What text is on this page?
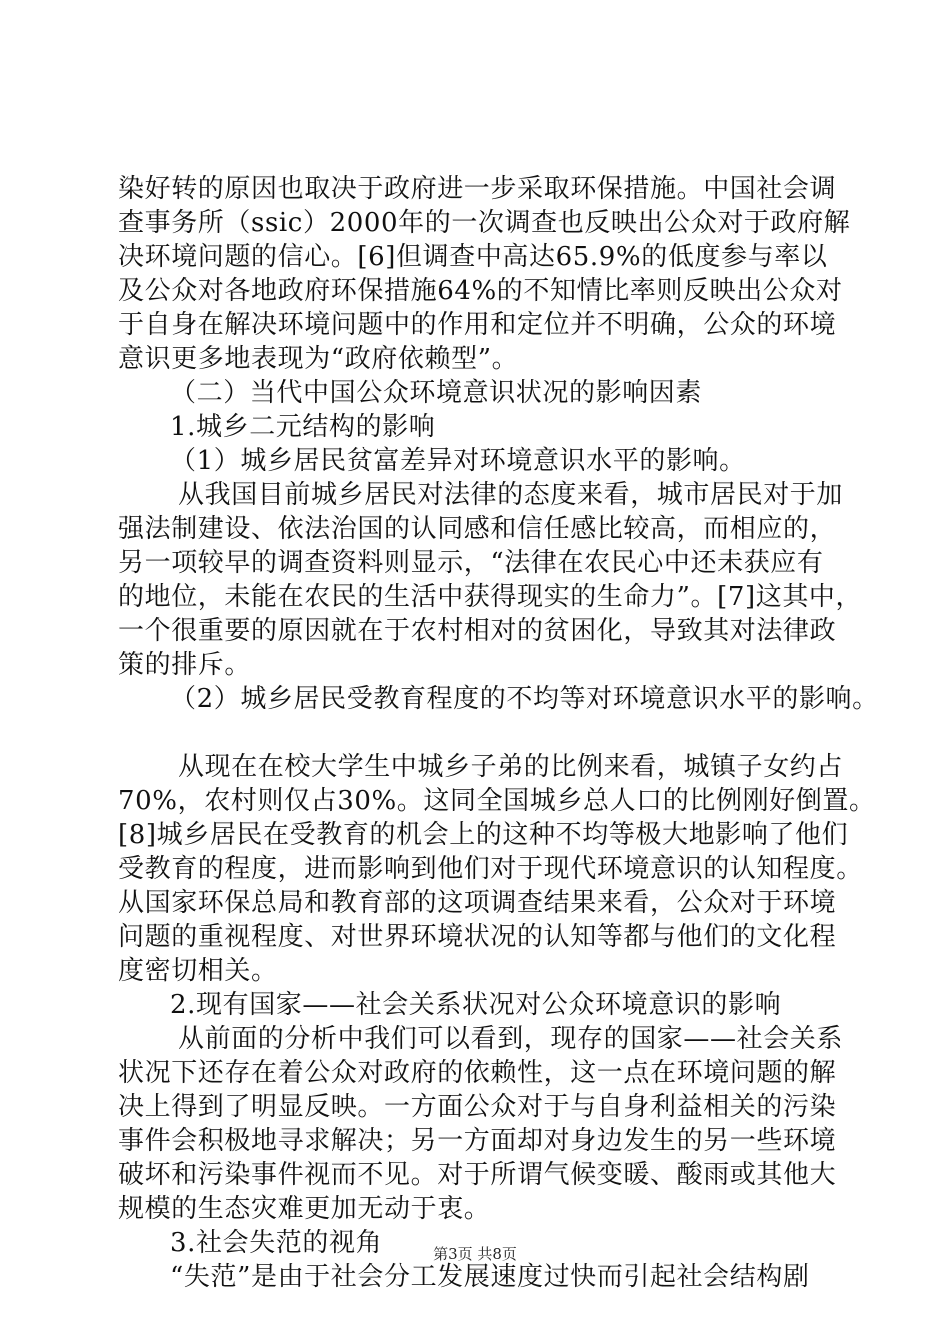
染好转的原因也取决于政府进一步采取环保措施。中国社会调
查事务所（ssic）2000年的一次调查也反映出公众对于政府解
决环境问题的信心。[6]但调查中高达65.9%的低度参与率以
及公众对各地政府环保措施64%的不知情比率则反映出公众对
于自身在解决环境问题中的作用和定位并不明确，公众的环境
意识更多地表现为“政府依赖型”。
（二）当代中国公众环境意识状况的影响因素
1.城乡二元结构的影响
（1）城乡居民贫富差异对环境意识水平的影响。
从我国目前城乡居民对法律的态度来看，城市居民对于加
强法制建设、依法治国的认同感和信任感比较高，而相应的，
另一项较早的调查资料则显示，“法律在农民心中还未获应有
的地位，未能在农民的生活中获得现实的生命力”。[7]这其中，
一个很重要的原因就在于农村相对的贫困化，导致其对法律政
策的排斥。
（2）城乡居民受教育程度的不均等对环境意识水平的影响。
从现在在校大学生中城乡子弟的比例来看，城镇子女约占
70%，农村则仅占30%。这同全国城乡总人口的比例刚好倒置。
[8]城乡居民在受教育的机会上的这种不均等极大地影响了他们
受教育的程度，进而影响到他们对于现代环境意识的认知程度。
从国家环保总局和教育部的这项调查结果来看，公众对于环境
问题的重视程度、对世界环境状况的认知等都与他们的文化程
度密切相关。
2.现有国家——社会关系状况对公众环境意识的影响
从前面的分析中我们可以看到，现存的国家——社会关系
状况下还存在着公众对政府的依赖性，这一点在环境问题的解
决上得到了明显反映。一方面公众对于与自身利益相关的污染
事件会积极地寻求解决；另一方面却对身边发生的另一些环境
破坏和污染事件视而不见。对于所谓气候变暖、酸雨或其他大
规模的生态灾难更加无动于衷。
3.社会失范的视角
“失范”是由于社会分工发展速度过快而引起社会结构剧
第3页 共8页
